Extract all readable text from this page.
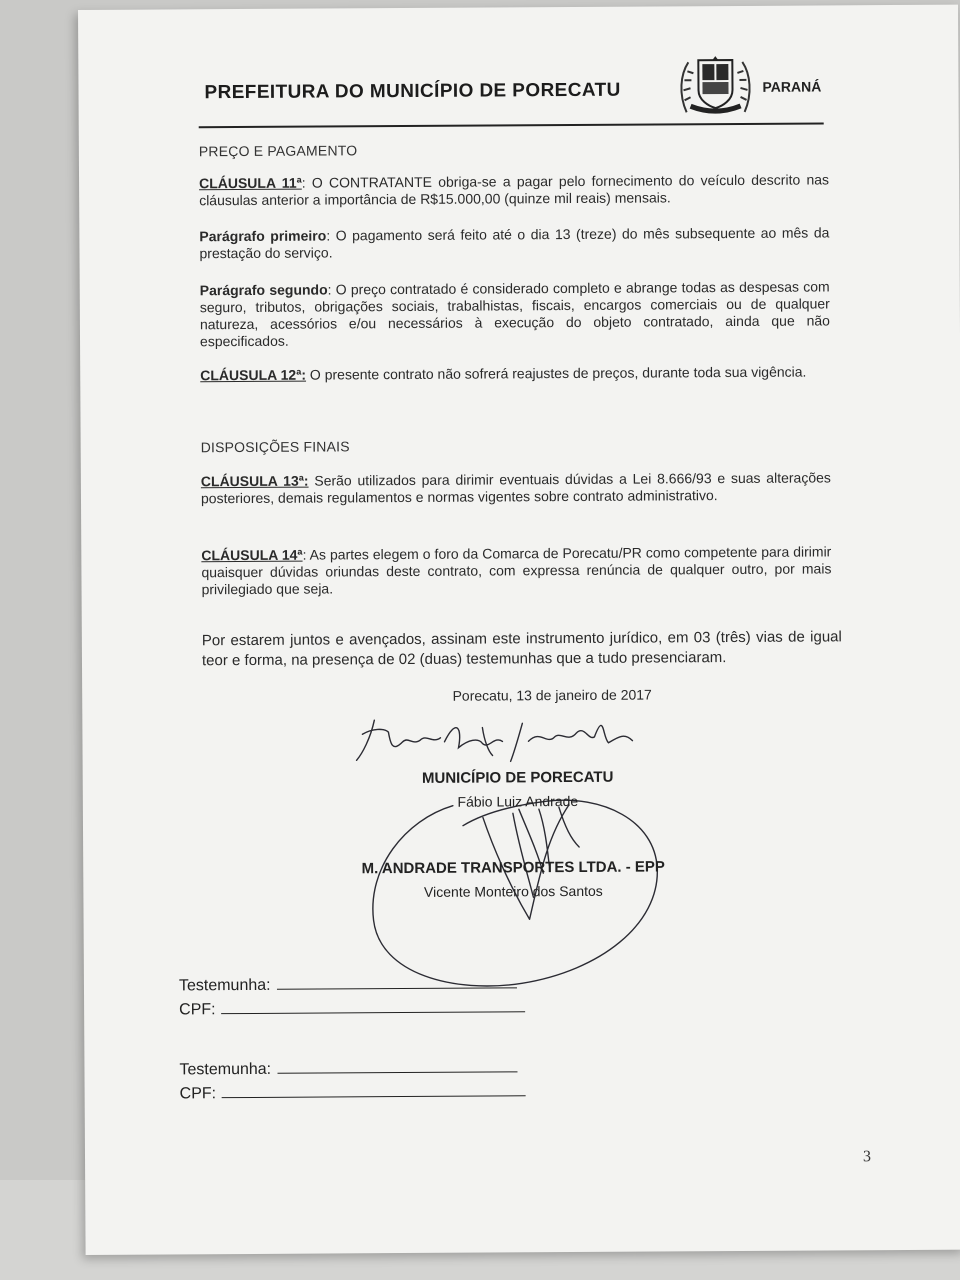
PREFEITURA DO MUNICÍPIO DE PORECATU	PARANÁ
PREÇO E PAGAMENTO
CLÁUSULA 11ª: O CONTRATANTE obriga-se a pagar pelo fornecimento do veículo descrito nas cláusulas anterior a importância de R$15.000,00 (quinze mil reais) mensais.
Parágrafo primeiro: O pagamento será feito até o dia 13 (treze) do mês subsequente ao mês da prestação do serviço.
Parágrafo segundo: O preço contratado é considerado completo e abrange todas as despesas com seguro, tributos, obrigações sociais, trabalhistas, fiscais, encargos comerciais ou de qualquer natureza, acessórios e/ou necessários à execução do objeto contratado, ainda que não especificados.
CLÁUSULA 12ª: O presente contrato não sofrerá reajustes de preços, durante toda sua vigência.
DISPOSIÇÕES FINAIS
CLÁUSULA 13ª: Serão utilizados para dirimir eventuais dúvidas a Lei 8.666/93 e suas alterações posteriores, demais regulamentos e normas vigentes sobre contrato administrativo.
CLÁUSULA 14ª: As partes elegem o foro da Comarca de Porecatu/PR como competente para dirimir quaisquer dúvidas oriundas deste contrato, com expressa renúncia de qualquer outro, por mais privilegiado que seja.
Por estarem juntos e avençados, assinam este instrumento jurídico, em 03 (três) vias de igual teor e forma, na presença de 02 (duas) testemunhas que a tudo presenciaram.
Porecatu, 13 de janeiro de 2017
MUNICÍPIO DE PORECATU
Fábio Luiz Andrade
M. ANDRADE TRANSPORTES LTDA. - EPP
Vicente Monteiro dos Santos
Testemunha:
CPF:
Testemunha:
CPF:
3
